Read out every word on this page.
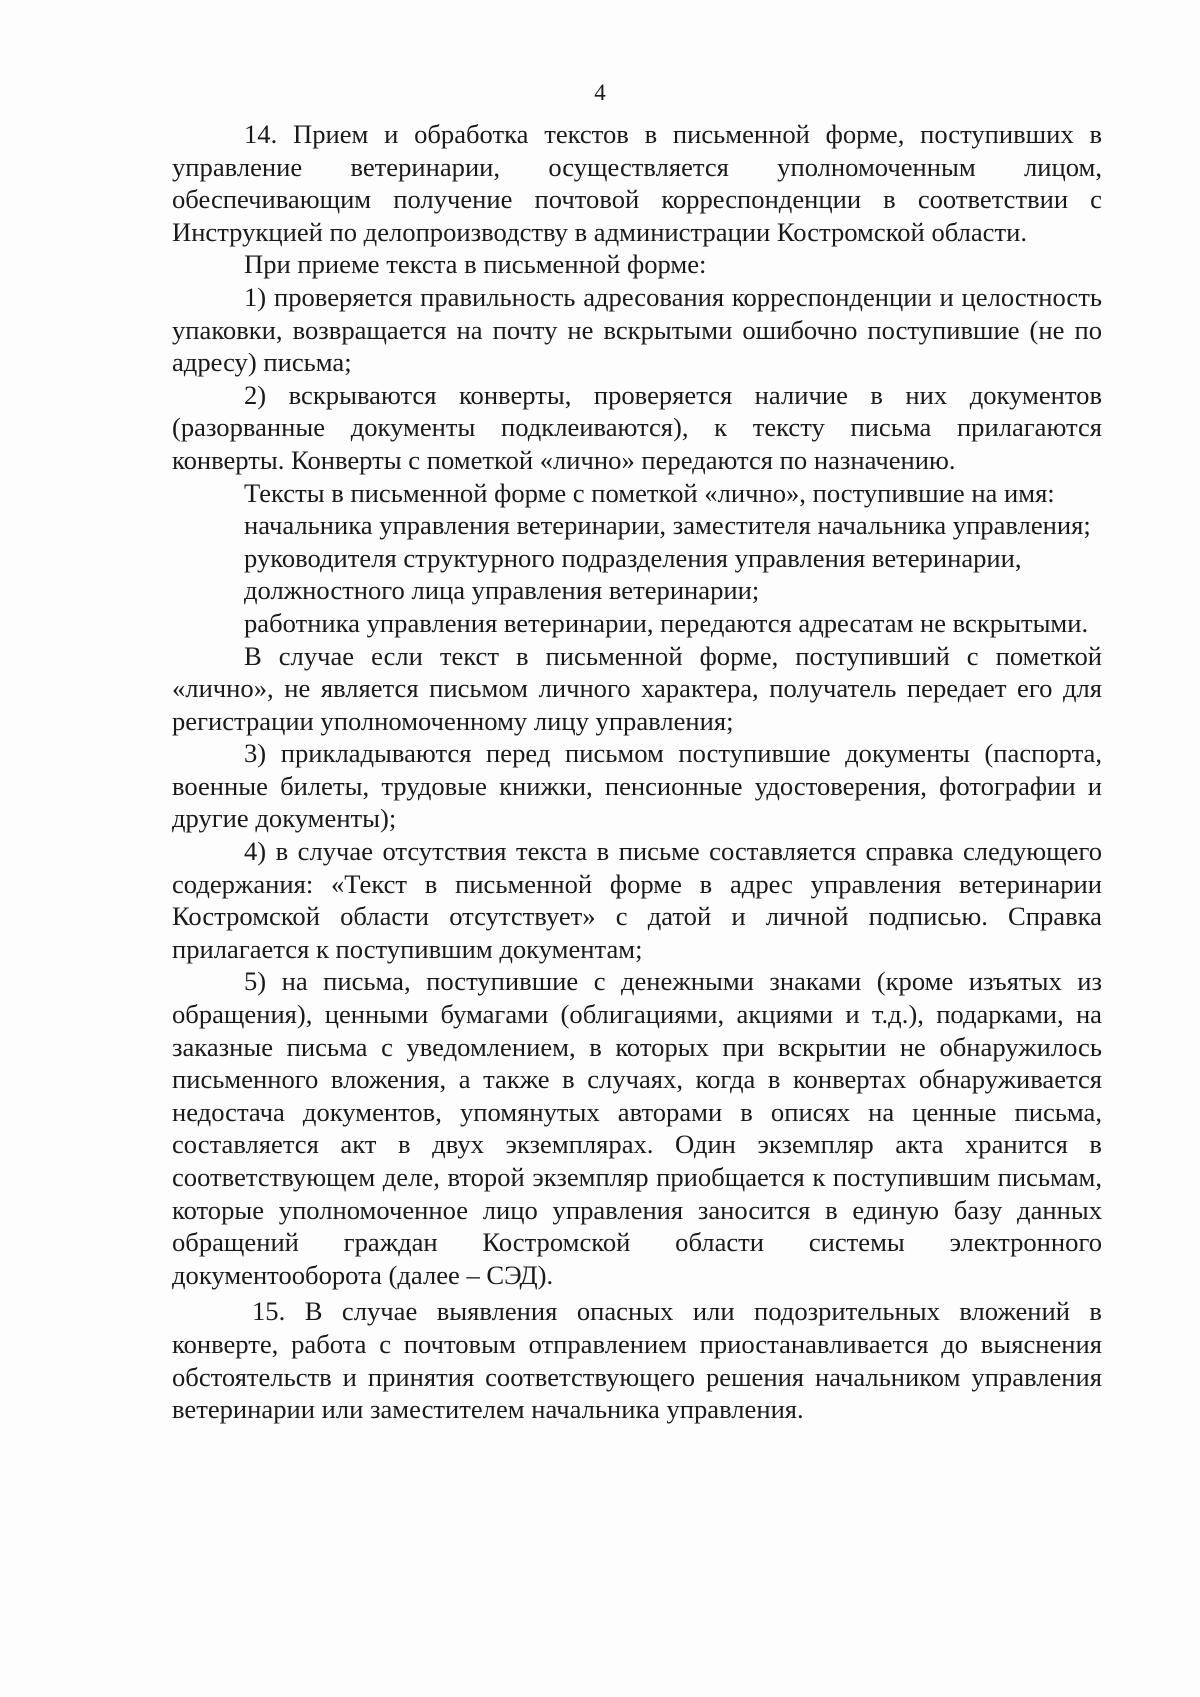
4

14. Прием и обработка текстов в письменной форме, поступивших в управление ветеринарии, осуществляется уполномоченным лицом, обеспечивающим получение почтовой корреспонденции в соответствии с Инструкцией по делопроизводству в администрации Костромской области.

При приеме текста в письменной форме:

1) проверяется правильность адресования корреспонденции и целостность упаковки, возвращается на почту не вскрытыми ошибочно поступившие (не по адресу) письма;

2) вскрываются конверты, проверяется наличие в них документов (разорванные документы подклеиваются), к тексту письма прилагаются конверты. Конверты с пометкой «лично» передаются по назначению.

Тексты в письменной форме с пометкой «лично», поступившие на имя:

начальника управления ветеринарии, заместителя начальника управления;

руководителя структурного подразделения управления ветеринарии,

должностного лица управления ветеринарии;

работника управления ветеринарии, передаются адресатам не вскрытыми.

В случае если текст в письменной форме, поступивший с пометкой «лично», не является письмом личного характера, получатель передает его для регистрации уполномоченному лицу управления;

3) прикладываются перед письмом поступившие документы (паспорта, военные билеты, трудовые книжки, пенсионные удостоверения, фотографии и другие документы);

4) в случае отсутствия текста в письме составляется справка следующего содержания: «Текст в письменной форме в адрес управления ветеринарии Костромской области отсутствует» с датой и личной подписью. Справка прилагается к поступившим документам;

5) на письма, поступившие с денежными знаками (кроме изъятых из обращения), ценными бумагами (облигациями, акциями и т.д.), подарками, на заказные письма с уведомлением, в которых при вскрытии не обнаружилось письменного вложения, а также в случаях, когда в конвертах обнаруживается недостача документов, упомянутых авторами в описях на ценные письма, составляется акт в двух экземплярах. Один экземпляр акта хранится в соответствующем деле, второй экземпляр приобщается к поступившим письмам, которые уполномоченное лицо управления заносится в единую базу данных обращений граждан Костромской области системы электронного документооборота (далее – СЭД).

15. В случае выявления опасных или подозрительных вложений в конверте, работа с почтовым отправлением приостанавливается до выяснения обстоятельств и принятия соответствующего решения начальником управления ветеринарии или заместителем начальника управления.
